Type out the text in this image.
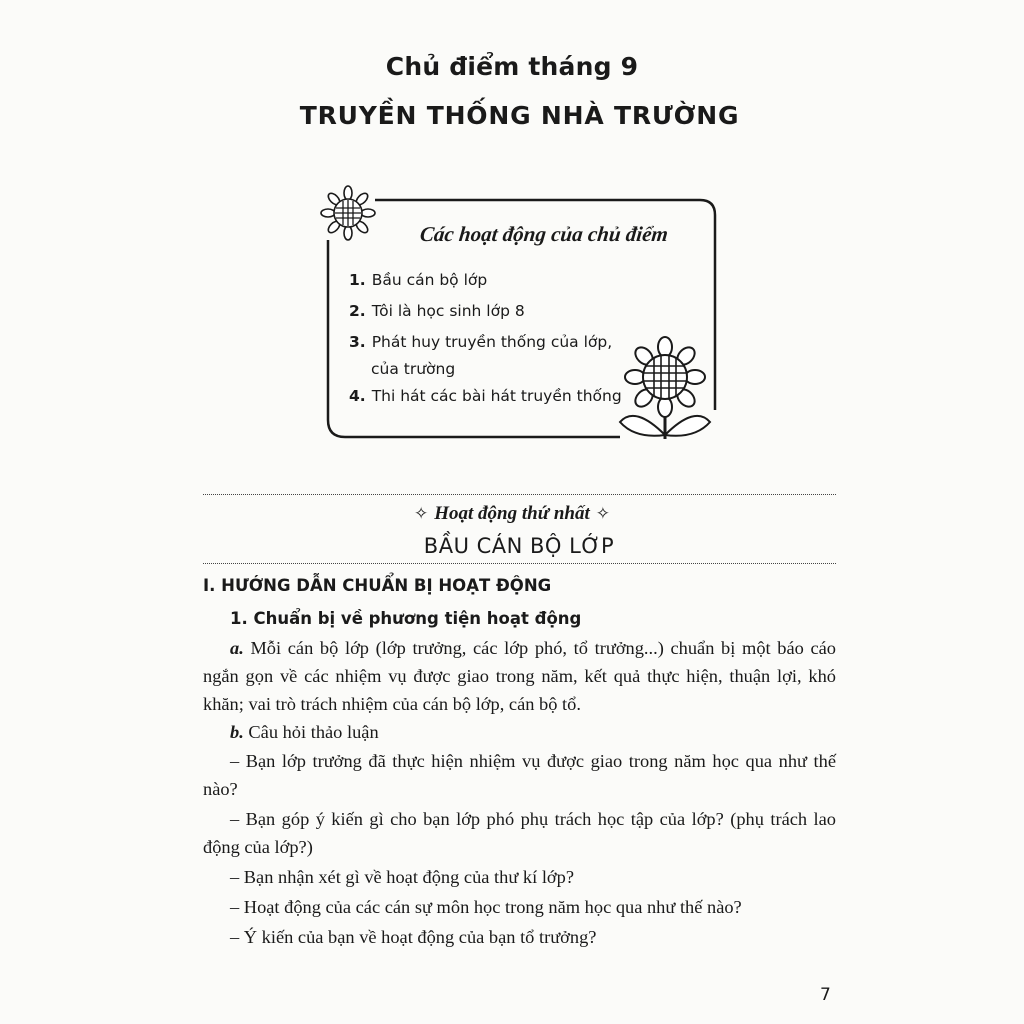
Chủ điểm tháng 9
TRUYỀN THỐNG NHÀ TRƯỜNG
Các hoạt động của chủ điểm
1. Bầu cán bộ lớp
2. Tôi là học sinh lớp 8
3. Phát huy truyền thống của lớp,
của trường
4. Thi hát các bài hát truyền thống
✧ Hoạt động thứ nhất ✧
BẦU CÁN BỘ LỚP
I. HƯỚNG DẪN CHUẨN BỊ HOẠT ĐỘNG
1. Chuẩn bị về phương tiện hoạt động
a. Mỗi cán bộ lớp (lớp trưởng, các lớp phó, tổ trưởng...) chuẩn bị một báo cáo ngắn gọn về các nhiệm vụ được giao trong năm, kết quả thực hiện, thuận lợi, khó khăn; vai trò trách nhiệm của cán bộ lớp, cán bộ tổ.
b. Câu hỏi thảo luận
– Bạn lớp trưởng đã thực hiện nhiệm vụ được giao trong năm học qua như thế nào?
– Bạn góp ý kiến gì cho bạn lớp phó phụ trách học tập của lớp? (phụ trách lao động của lớp?)
– Bạn nhận xét gì về hoạt động của thư kí lớp?
– Hoạt động của các cán sự môn học trong năm học qua như thế nào?
– Ý kiến của bạn về hoạt động của bạn tổ trưởng?
7
